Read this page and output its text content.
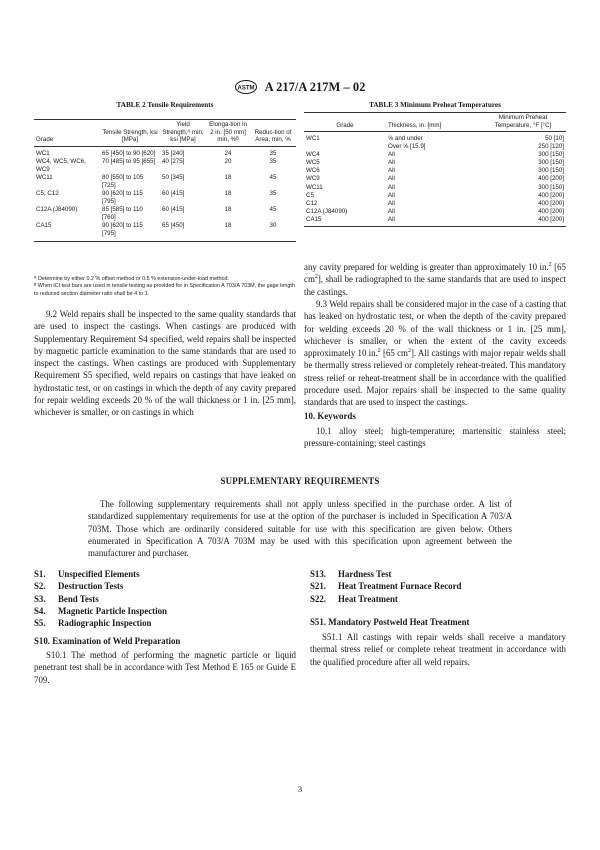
ASTM A 217/A 217M – 02
TABLE 2 Tensile Requirements
Grade	Tensile Strength, ksi [MPa]	Yield Strength,ᴬ min, ksi [MPa]	Elonga-tion in 2 in. [50 mm] min, %ᴮ	Reduc-tion of Area, min, %
WC1	65 [450] to 90 [620]	35 [240]	24	35
WC4, WC5, WC6, WC9	70 [485] to 95 [655]	40 [275]	20	35
WC11	80 [550] to 105 [725]	50 [345]	18	45
C5, C12	90 [620] to 115 [795]	60 [415]	18	35
C12A (J84090)	85 [585] to 110 [760]	60 [415]	18	45
CA15	90 [620] to 115 [795]	65 [450]	18	30
ᴬ Determine by either 0.2 % offset method or 0.5 % extension-under-load method.
ᴮ When ICI test bars are used in tensile testing as provided for in Specification A 703/A 703M, the gage length to reduced section diameter ratio shall be 4 to 1.
TABLE 3 Minimum Preheat Temperatures
Grade	Thickness, in. [mm]	Minimum Preheat Temperature, °F [°C]
WC1	⅝ and under	50 [10]
	Over ⅝ [15.9]	250 [120]
WC4	All	300 [150]
WC5	All	300 [150]
WC6	All	300 [150]
WC9	All	400 [200]
WC11	All	300 [150]
C5	All	400 [200]
C12	All	400 [200]
C12A (J84090)	All	400 [200]
CA15	All	400 [200]
9.2 Weld repairs shall be inspected to the same quality standards that are used to inspect the castings. When castings are produced with Supplementary Requirement S4 specified, weld repairs shall be inspected by magnetic particle examination to the same standards that are used to inspect the castings. When castings are produced with Supplementary Requirement S5 specified, weld repairs on castings that have leaked on hydrostatic test, or on castings in which the depth of any cavity prepared for repair welding exceeds 20 % of the wall thickness or 1 in. [25 mm], whichever is smaller, or on castings in which
any cavity prepared for welding is greater than approximately 10 in.$^2$ [65 $cm^2$], shall be radiographed to the same standards that are used to inspect the castings.
9.3 Weld repairs shall be considered major in the case of a casting that has leaked on hydrostatic test, or when the depth of the cavity prepared for welding exceeds 20 % of the wall thickness or 1 in. [25 mm], whichever is smaller, or when the extent of the cavity exceeds approximately 10 in.$^2$ [65 $cm^2$]. All castings with major repair welds shall be thermally stress relieved or completely reheat-treated. This mandatory stress relief or reheat-treatment shall be in accordance with the qualified procedure used. Major repairs shall be inspected to the same quality standards that are used to inspect the castings.
10. Keywords
10.1 alloy steel; high-temperature; martensitic stainless steel; pressure-containing; steel castings
SUPPLEMENTARY REQUIREMENTS
The following supplementary requirements shall not apply unless specified in the purchase order. A list of standardized supplementary requirements for use at the option of the purchaser is included in Specification A 703/A 703M. Those which are ordinarily considered suitable for use with this specification are given below. Others enumerated in Specification A 703/A 703M may be used with this specification upon agreement between the manufacturer and purchaser.
S1. Unspecified Elements
S2. Destruction Tests
S3. Bend Tests
S4. Magnetic Particle Inspection
S5. Radiographic Inspection
S10. Examination of Weld Preparation
S10.1 The method of performing the magnetic particle or liquid penetrant test shall be in accordance with Test Method E 165 or Guide E 709.
S13. Hardness Test
S21. Heat Treatment Furnace Record
S22. Heat Treatment
S51. Mandatory Postweld Heat Treatment
S51.1 All castings with repair welds shall receive a mandatory thermal stress relief or complete reheat treatment in accordance with the qualified procedure after all weld repairs.
3
